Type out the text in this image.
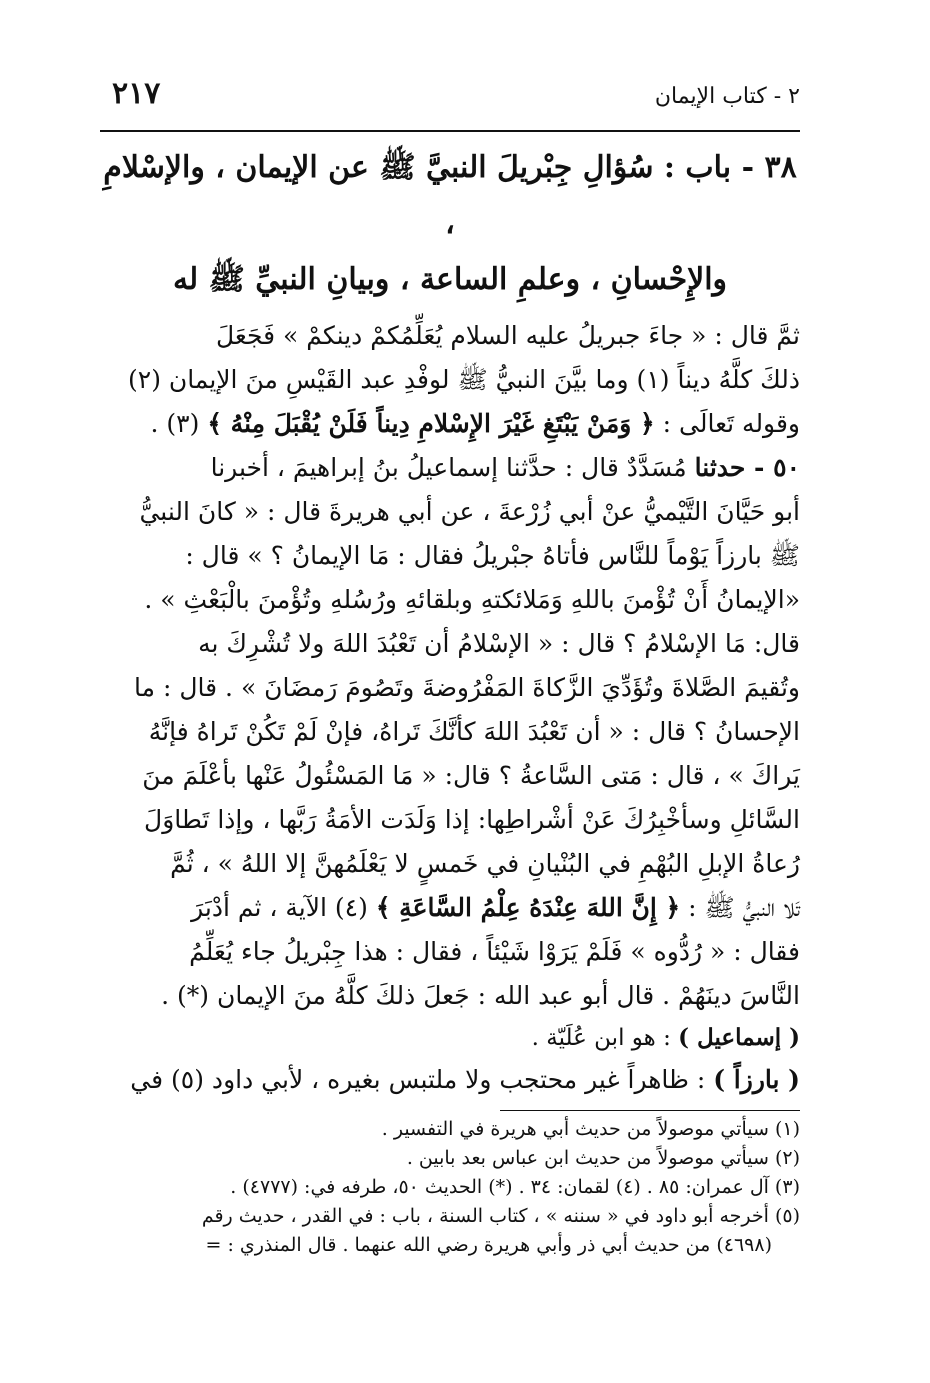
٢ - كتاب الإيمان
٢١٧
٣٨ - باب : سُؤالِ جِبْريلَ النبيَّ ﷺ عن الإيمان ، والإسْلامِ ،
والإِحْسانِ ، وعلمِ الساعة ، وبيانِ النبيِّ ﷺ له

ثمَّ قال : « جاءَ جبريلُ عليه السلام يُعَلِّمُكمْ دينكمْ » فَجَعَلَ

ذلكَ كلَّهُ ديناً (١) وما بيَّنَ النبيُّ ﷺ لوفْدِ عبد القَيْسِ منَ الإيمان (٢)

وقوله تَعالَى : ﴿ وَمَنْ يَبْتَغِ غَيْرَ الإِسْلامِ دِيناً فَلَنْ يُقْبَلَ مِنْهُ ﴾ (٣) .

٥٠ - حدثنا مُسَدَّدٌ قال : حدَّثنا إسماعيلُ بنُ إبراهيمَ ، أخبرنا

أبو حَيَّانَ التَّيْميُّ عنْ أبي زُرْعةَ ، عن أبي هريرةَ قال : « كانَ النبيُّ

ﷺ بارزاً يَوْماً للنَّاس فأتاهُ جبْريلُ فقال : مَا الإيمانُ ؟ » قال :

«الإيمانُ أَنْ تُؤْمنَ باللهِ وَمَلائكتهِ وبلقائهِ ورُسُلهِ وتُؤْمنَ بالْبَعْثِ » .

قال: مَا الإسْلامُ ؟ قال : « الإسْلامُ أن تَعْبُدَ اللهَ ولا تُشْرِكَ به

وتُقيمَ الصَّلاةَ وتُؤَدِّيَ الزَّكاةَ المَفْرُوضةَ وتَصُومَ رَمضَانَ » . قال : ما

الإحسانُ ؟ قال : « أن تَعْبُدَ اللهَ كأنَّكَ تَراهُ، فإنْ لَمْ تَكُنْ تَراهُ فإنَّهُ

يَراكَ » ، قال : مَتى السَّاعةُ ؟ قال: « مَا المَسْئُولُ عَنْها بأعْلَمَ منَ

السَّائلِ وسأخْبِرُكَ عَنْ أشْراطِها: إذا وَلَدَت الأمَةُ رَبَّها ، وإذا تَطاوَلَ

رُعاةُ الإبلِ البُهْمِ في البُنْيانِ في خَمسٍ لا يَعْلَمُهنَّ إلا اللهُ » ، ثُمَّ

تَلا النبيُّ ﷺ : ﴿ إِنَّ اللهَ عِنْدَهُ عِلْمُ السَّاعَةِ ﴾ (٤) الآية ، ثم أدْبَرَ

فقال : « رُدُّوه » فَلَمْ يَرَوْا شَيْئاً ، فقال : هذا جِبْريلُ جاء يُعَلِّمُ

النَّاسَ دينَهُمْ . قال أبو عبد الله : جَعلَ ذلكَ كلَّهُ منَ الإيمان (*) .

( إسماعيل ) : هو ابن عُلَيّة .

( بارزاً ) : ظاهراً غير محتجب ولا ملتبس بغيره ، لأبي داود (٥) في

(١) سيأتي موصولاً من حديث أبي هريرة في التفسير .

(٢) سيأتي موصولاً من حديث ابن عباس بعد بابين .

(٣) آل عمران: ٨٥ . (٤) لقمان: ٣٤ . (*) الحديث ٥٠، طرفه في: (٤٧٧٧) .

(٥) أخرجه أبو داود في « سننه » ، كتاب السنة ، باب : في القدر ، حديث رقم

(٤٦٩٨) من حديث أبي ذر وأبي هريرة رضي الله عنهما . قال المنذري : =
